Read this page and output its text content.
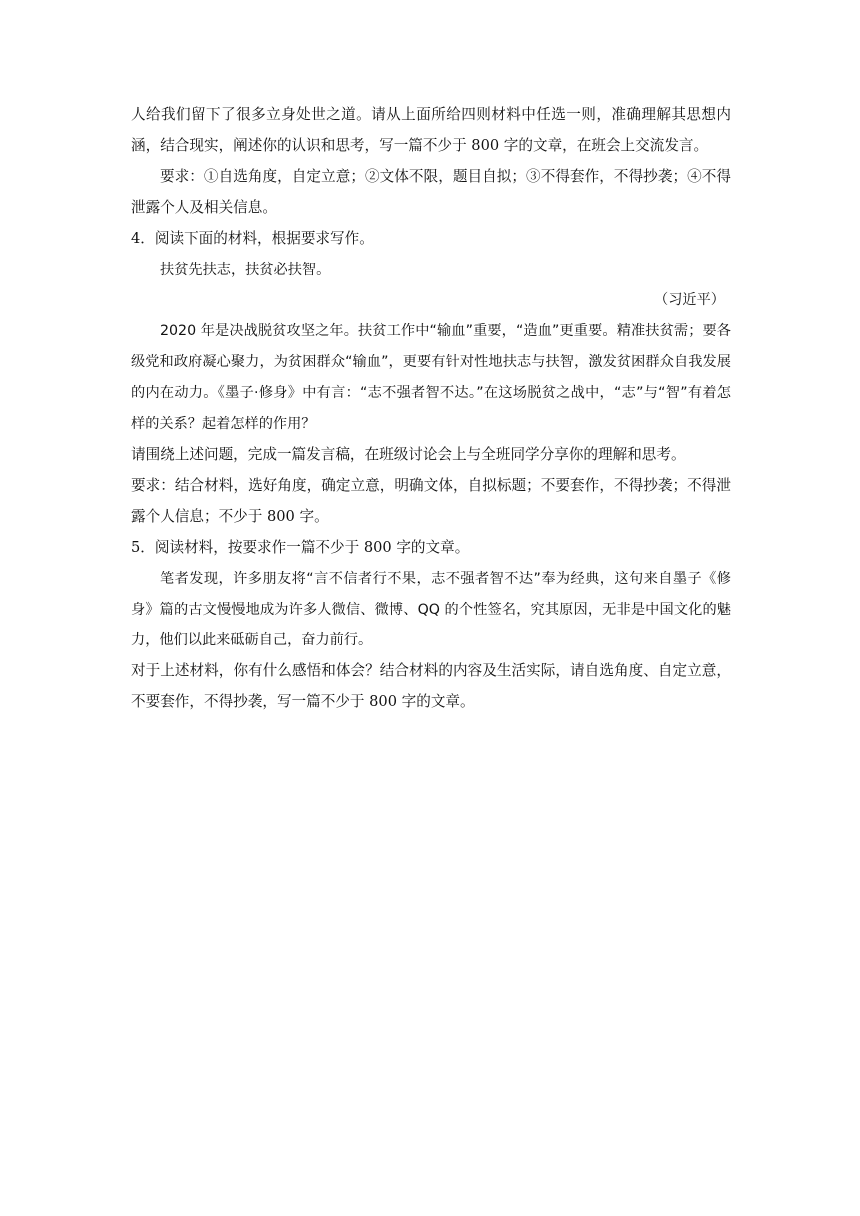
人给我们留下了很多立身处世之道。请从上面所给四则材料中任选一则，准确理解其思想内涵，结合现实，阐述你的认识和思考，写一篇不少于 800 字的文章，在班会上交流发言。

要求：①自选角度，自定立意；②文体不限，题目自拟；③不得套作，不得抄袭；④不得泄露个人及相关信息。

4．阅读下面的材料，根据要求写作。

扶贫先扶志，扶贫必扶智。

（习近平）

2020 年是决战脱贫攻坚之年。扶贫工作中“输血”重要，“造血”更重要。精准扶贫需；要各级党和政府凝心聚力，为贫困群众“输血”，更要有针对性地扶志与扶智，激发贫困群众自我发展的内在动力。《墨子·修身》中有言：“志不强者智不达。”在这场脱贫之战中，“志”与“智”有着怎样的关系？起着怎样的作用？

请围绕上述问题，完成一篇发言稿，在班级讨论会上与全班同学分享你的理解和思考。

要求：结合材料，选好角度，确定立意，明确文体，自拟标题；不要套作，不得抄袭；不得泄露个人信息；不少于 800 字。

5．阅读材料，按要求作一篇不少于 800 字的文章。

笔者发现，许多朋友将“言不信者行不果，志不强者智不达”奉为经典，这句来自墨子《修身》篇的古文慢慢地成为许多人微信、微博、QQ 的个性签名，究其原因，无非是中国文化的魅力，他们以此来砥砺自己，奋力前行。

对于上述材料，你有什么感悟和体会？结合材料的内容及生活实际，请自选角度、自定立意，不要套作，不得抄袭，写一篇不少于 800 字的文章。
